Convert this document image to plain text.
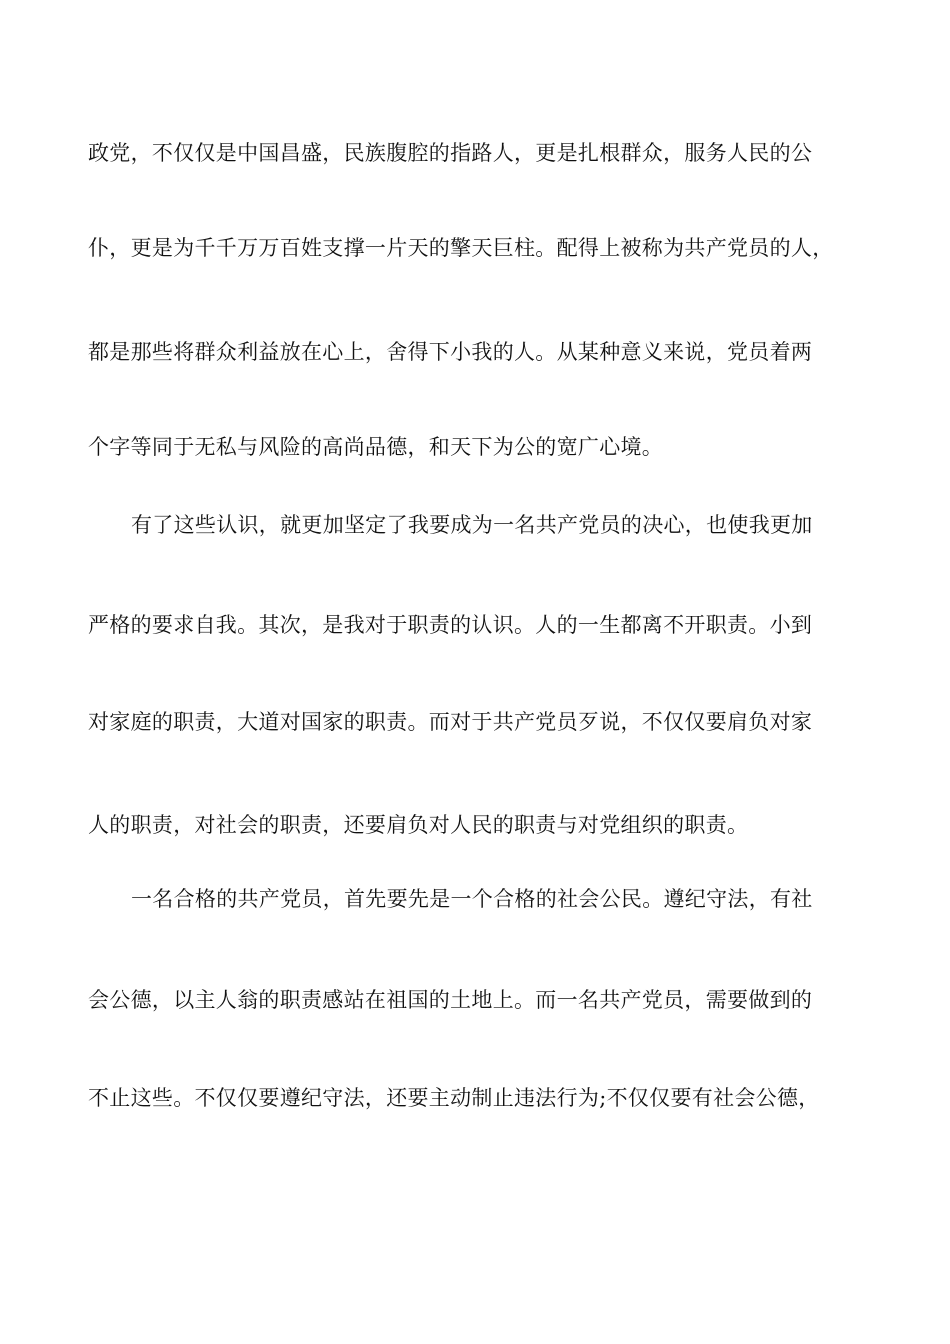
政党，不仅仅是中国昌盛，民族腹腔的指路人，更是扎根群众，服务人民的公
仆，更是为千千万万百姓支撑一片天的擎天巨柱。配得上被称为共产党员的人，
都是那些将群众利益放在心上，舍得下小我的人。从某种意义来说，党员着两
个字等同于无私与风险的高尚品德，和天下为公的宽广心境。
有了这些认识，就更加坚定了我要成为一名共产党员的决心，也使我更加
严格的要求自我。其次，是我对于职责的认识。人的一生都离不开职责。小到
对家庭的职责，大道对国家的职责。而对于共产党员歹说，不仅仅要肩负对家
人的职责，对社会的职责，还要肩负对人民的职责与对党组织的职责。
一名合格的共产党员，首先要先是一个合格的社会公民。遵纪守法，有社
会公德，以主人翁的职责感站在祖国的土地上。而一名共产党员，需要做到的
不止这些。不仅仅要遵纪守法，还要主动制止违法行为;不仅仅要有社会公德，
